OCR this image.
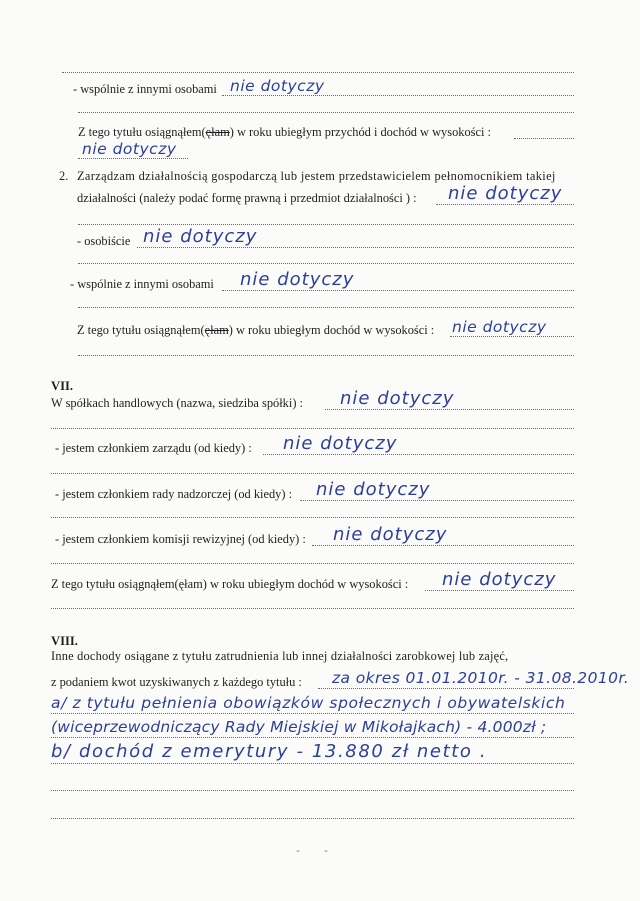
- wspólnie z innymi osobami nie dotyczy
Z tego tytułu osiągnąłem(ęłam) w roku ubiegłym przychód i dochód w wysokości :
nie dotyczy
2. Zarządzam działalnością gospodarczą lub jestem przedstawicielem pełnomocnikiem takiej
działalności (należy podać formę prawną i przedmiot działalności ) : nie dotyczy
- osobiście nie dotyczy
- wspólnie z innymi osobami nie dotyczy
Z tego tytułu osiągnąłem(ęłam) w roku ubiegłym dochód w wysokości : nie dotyczy
VII.
W spółkach handlowych (nazwa, siedziba spółki) : nie dotyczy
- jestem członkiem zarządu (od kiedy) : nie dotyczy
- jestem członkiem rady nadzorczej (od kiedy) : nie dotyczy
- jestem członkiem komisji rewizyjnej (od kiedy) : nie dotyczy
Z tego tytułu osiągnąłem(ęłam) w roku ubiegłym dochód w wysokości : nie dotyczy
VIII.
Inne dochody osiągane z tytułu zatrudnienia lub innej działalności zarobkowej lub zajęć,
z podaniem kwot uzyskiwanych z każdego tytułu : za okres 01.01.2010r. - 31.08.2010r.
a/ z tytułu pełnienia obowiązków społecznych i obywatelskich
(wiceprzewodniczący Rady Miejskiej w Mikołajkach) - 4.000zł ;
b/ dochód z emerytury - 13.880 zł netto .
- -
